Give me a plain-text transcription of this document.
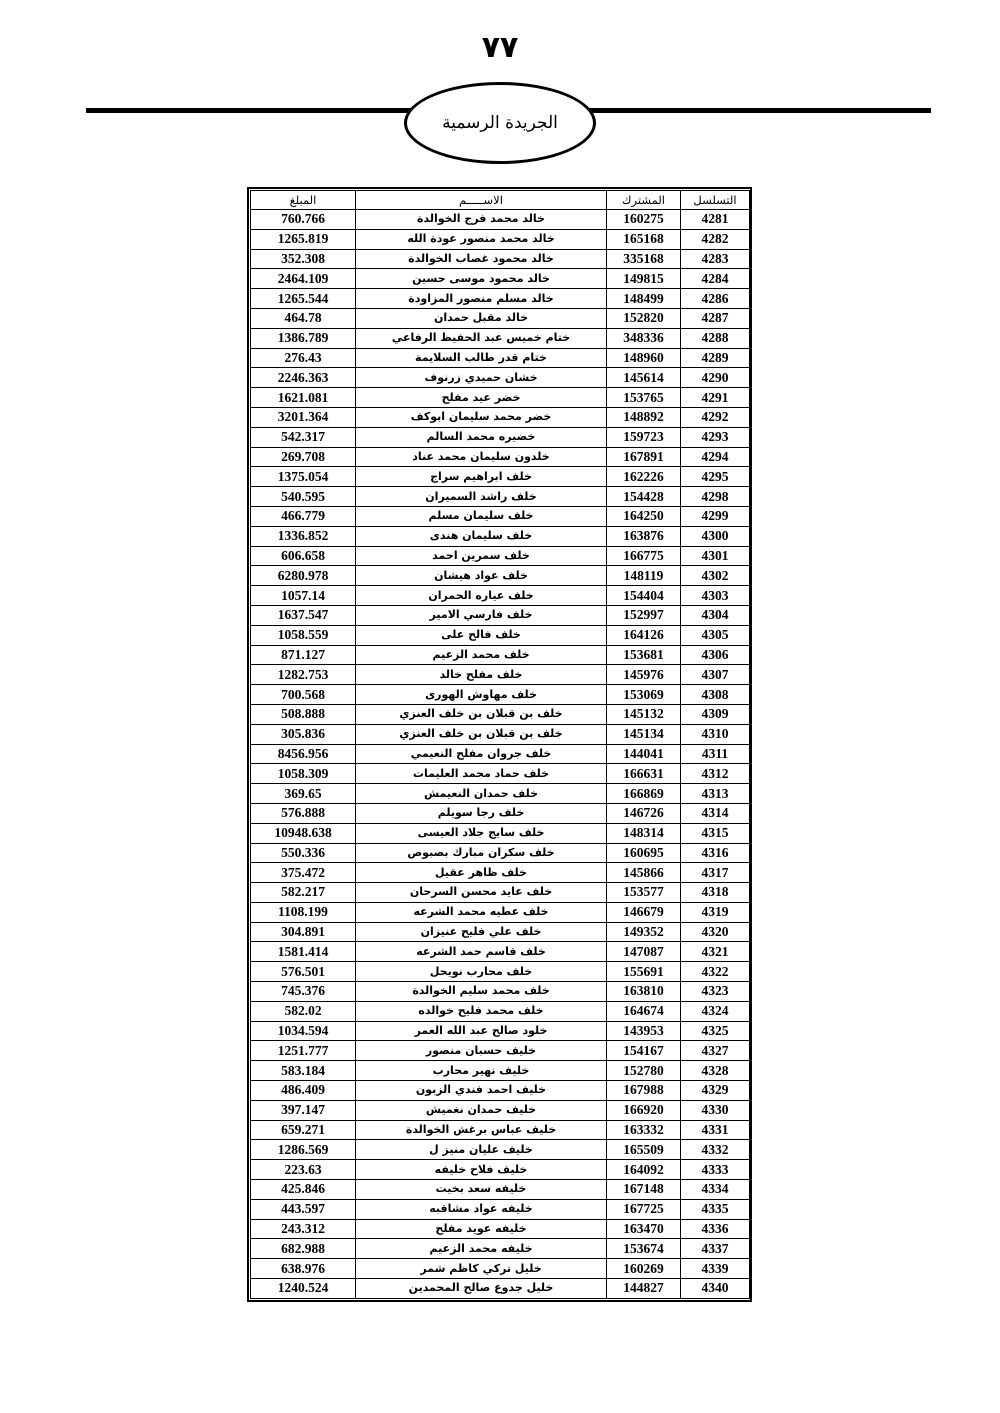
٧٧
الجريدة الرسمية
المبلغ	الاســـــم	المشترك	التسلسل
760.766	خالد محمد فرج الخوالدة	160275	4281
1265.819	خالد محمد منصور عودة الله	165168	4282
352.308	خالد محمود غصاب الخوالدة	335168	4283
2464.109	خالد محمود موسى حسين	149815	4284
1265.544	خالد مسلم منصور المزاودة	148499	4286
464.78	خالد مقبل حمدان	152820	4287
1386.789	ختام خميس عبد الحفيظ الرفاعي	348336	4288
276.43	ختام قدر طالب السلايمة	148960	4289
2246.363	خشان حميدي زرنوف	145614	4290
1621.081	خضر عيد مفلح	153765	4291
3201.364	خضر محمد سليمان ابوكف	148892	4292
542.317	خضيره محمد السالم	159723	4293
269.708	خلدون سليمان محمد عناد	167891	4294
1375.054	خلف ابراهيم سراج	162226	4295
540.595	خلف راشد السميران	154428	4298
466.779	خلف سليمان مسلم	164250	4299
1336.852	خلف سليمان هندى	163876	4300
606.658	خلف سمرين احمد	166775	4301
6280.978	خلف عواد هيشان	148119	4302
1057.14	خلف عياره الحمران	154404	4303
1637.547	خلف فارسي الامير	152997	4304
1058.559	خلف فالح على	164126	4305
871.127	خلف محمد الزعيم	153681	4306
1282.753	خلف مفلح خالد	145976	4307
700.568	خلف مهاوش الهورى	153069	4308
508.888	خلف بن قبلان بن خلف العنزي	145132	4309
305.836	خلف بن قبلان بن خلف العنزي	145134	4310
8456.956	خلف جروان مفلح النعيمي	144041	4311
1058.309	خلف حماد محمد العليمات	166631	4312
369.65	خلف حمدان النعيمش	166869	4313
576.888	خلف رجا سويلم	146726	4314
10948.638	خلف سايج جلاد العيسى	148314	4315
550.336	خلف سكران مبارك بصبوص	160695	4316
375.472	خلف ظاهر عقيل	145866	4317
582.217	خلف عايد محسن السرحان	153577	4318
1108.199	خلف عطيه محمد الشرعه	146679	4319
304.891	خلف علي فليح عنيزان	149352	4320
1581.414	خلف قاسم حمد الشرعه	147087	4321
576.501	خلف محارب نويحل	155691	4322
745.376	خلف محمد سليم الخوالدة	163810	4323
582.02	خلف محمد فليح خوالده	164674	4324
1034.594	خلود صالح عبد الله العمر	143953	4325
1251.777	خليف حسبان منصور	154167	4327
583.184	خليف نهير محارب	152780	4328
486.409	خليف احمد فندي الزبون	167988	4329
397.147	خليف حمدان نغميش	166920	4330
659.271	خليف عباس برغش الخوالدة	163332	4331
1286.569	خليف عليان منيز ل	165509	4332
223.63	خليف فلاح خليفه	164092	4333
425.846	خليفه سعد بخيت	167148	4334
443.597	خليفه عواد مشاقبه	167725	4335
243.312	خليفه عويد مفلح	163470	4336
682.988	خليفه محمد الزعيم	153674	4337
638.976	خليل تركي كاظم شمر	160269	4339
1240.524	خليل جدوع صالح المحمدين	144827	4340
